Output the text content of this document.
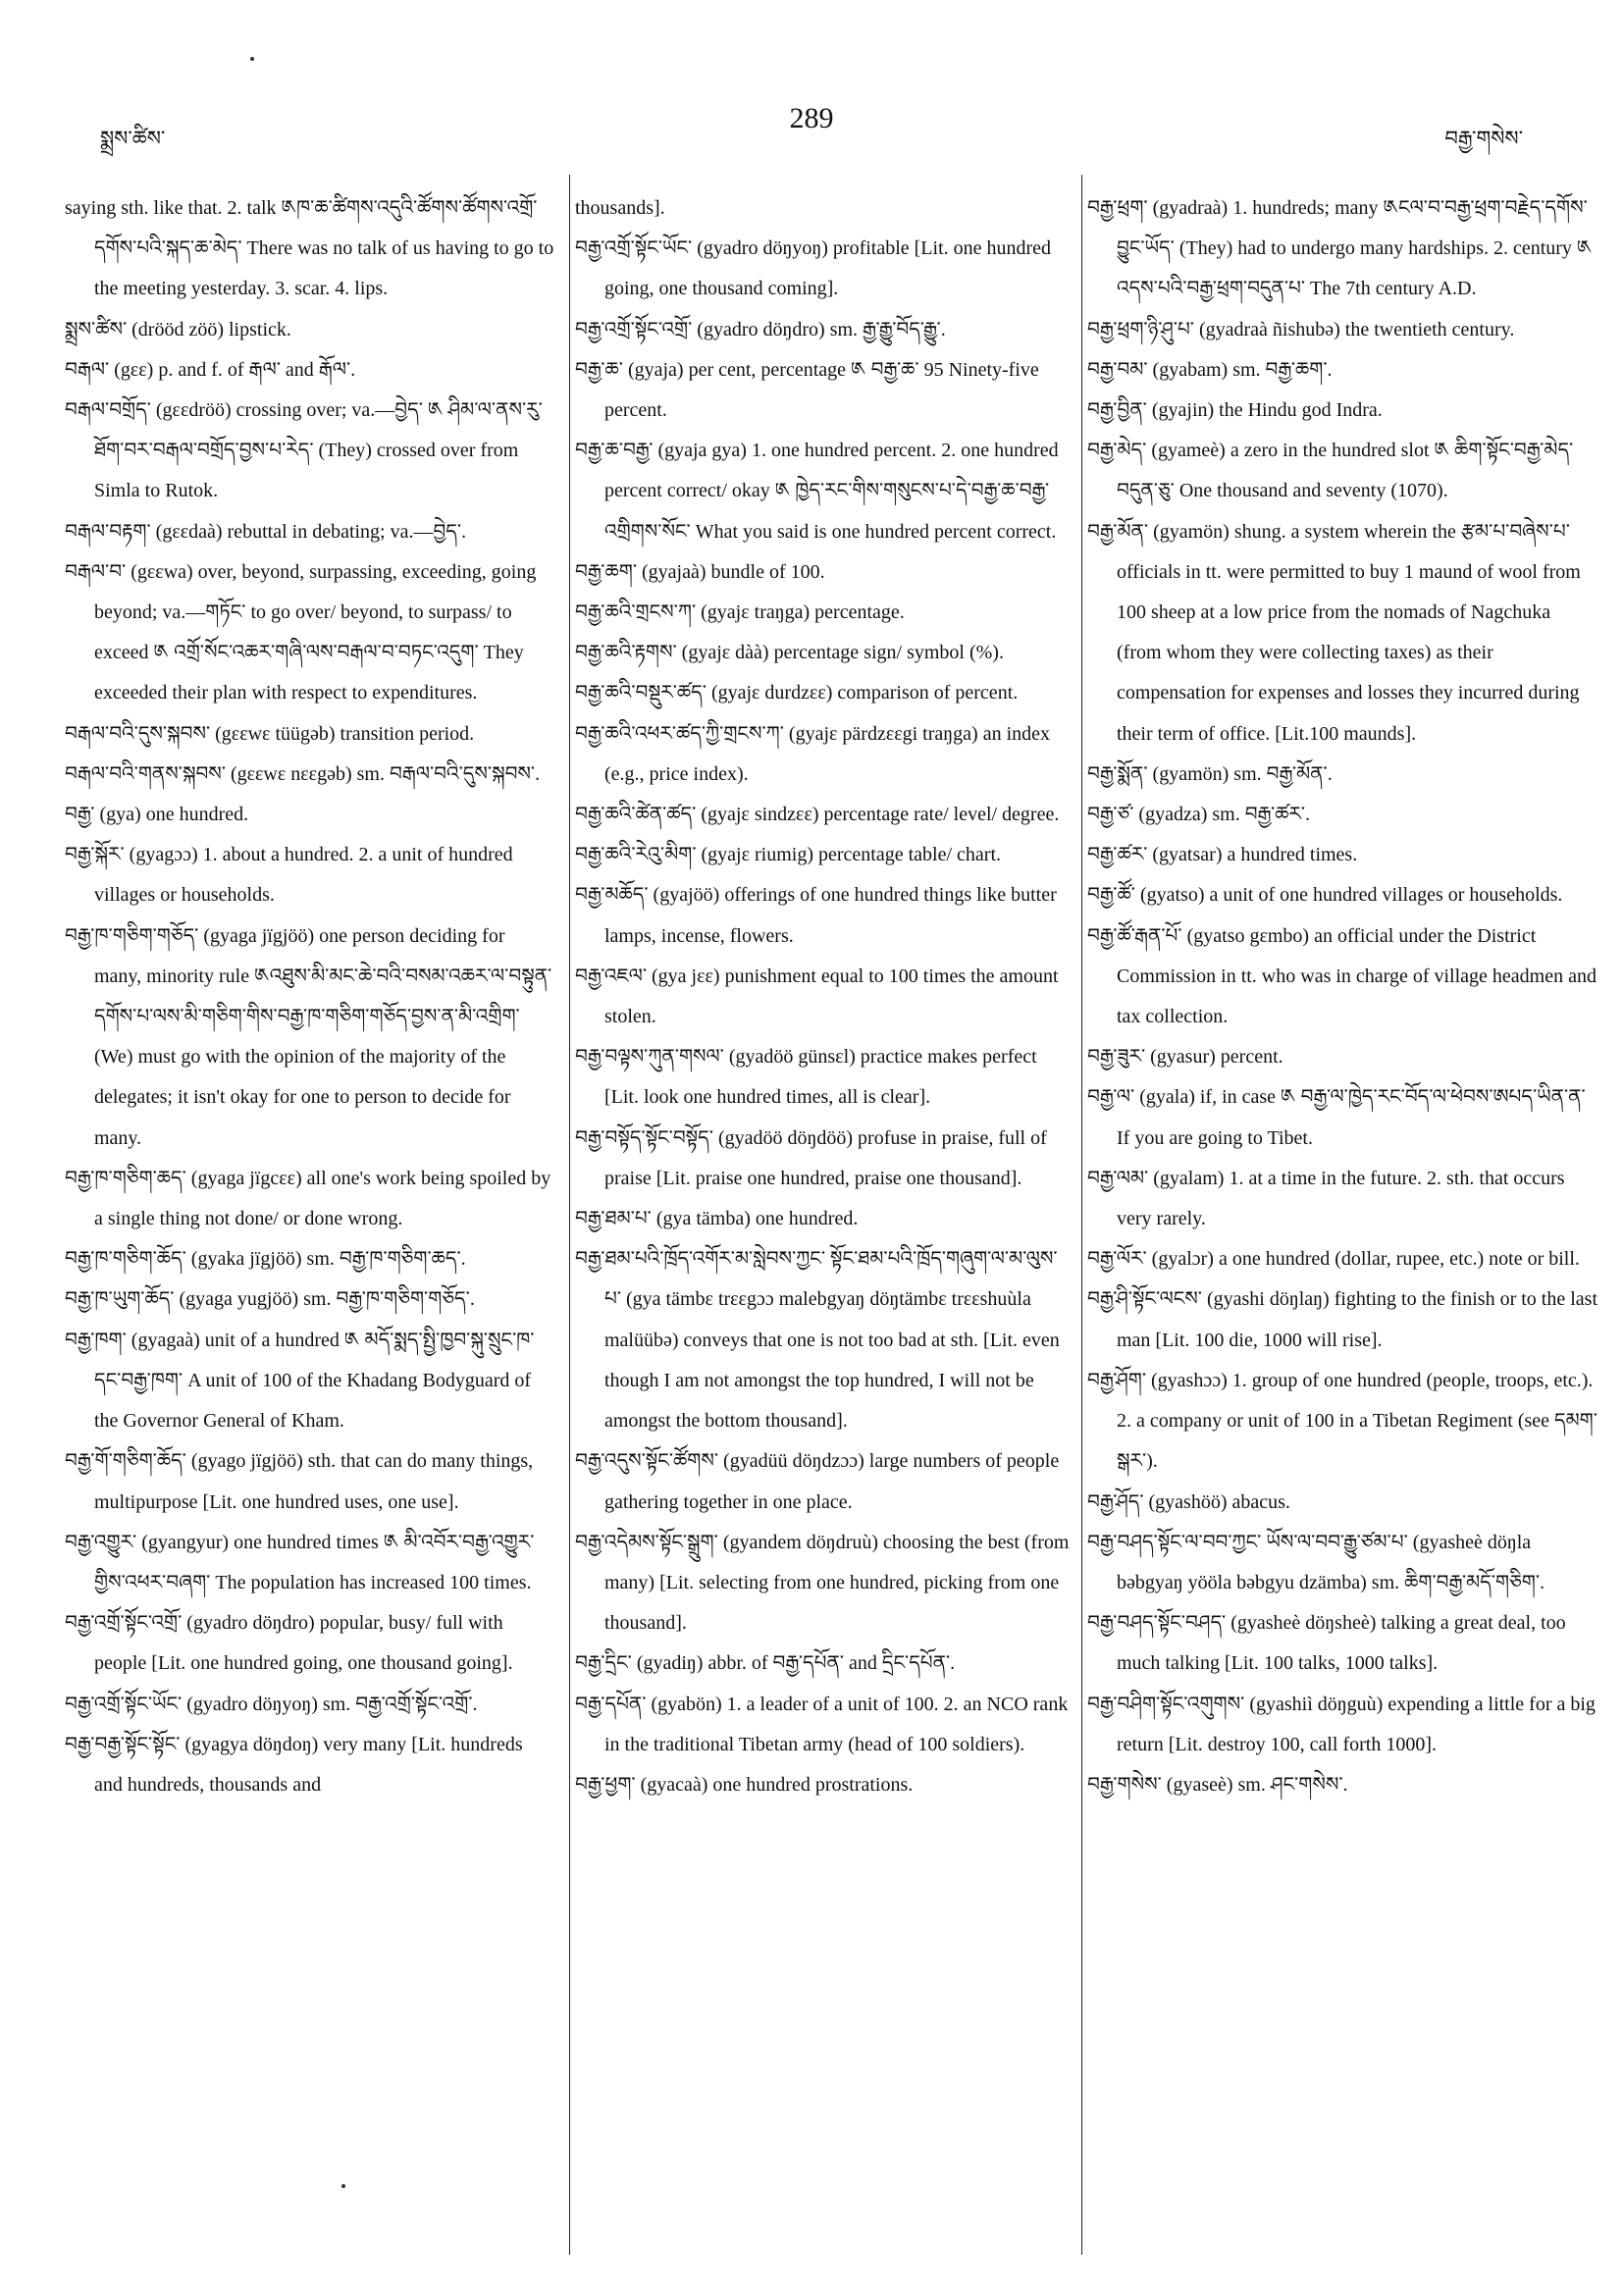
སྨྲས་ཚིས་
289
བརྒྱ་གསེས་
saying sth. like that. 2. talk ༁ཁ་ཆ་ཚིགས་འདུའི་ཚོགས་ཚོགས་འགྲོ་དགོས་པའི་སྐད་ཆ་མེད་ There was no talk of us having to go to the meeting yesterday. 3. scar. 4. lips.
སྨྲས་ཚིས་ (drööd zöö) lipstick.
བརྒལ་ (gεε) p. and f. of རྒལ་ and རྒོལ་.
བརྒལ་བགྲོད་ (gεεdröö) crossing over; va.—བྱེད་ ༁ ཤིམ་ལ་ནས་རུ་ཐོག་བར་བརྒལ་བགྲོད་བྱས་པ་རེད་ (They) crossed over from Simla to Rutok.
བརྒལ་བརྟག་ (gεεdaà) rebuttal in debating; va.—བྱེད་.
བརྒལ་བ་ (gεεwa) over, beyond, surpassing, exceeding, going beyond; va.—གཏོང་ to go over/ beyond, to surpass/ to exceed ༁ འགྲོ་སོང་འཆར་གཞི་ལས་བརྒལ་བ་བཏང་འདུག་ They exceeded their plan with respect to expenditures.
བརྒལ་བའི་དུས་སྐབས་ (gεεwε tüügəb) transition period.
བརྒལ་བའི་གནས་སྐབས་ (gεεwε nεεgəb) sm. བརྒལ་བའི་དུས་སྐབས་.
བརྒྱ་ (gya) one hundred.
བརྒྱ་སྐོར་ (gyagɔɔ) 1. about a hundred. 2. a unit of hundred villages or households.
བརྒྱ་ཁ་གཅིག་གཅོད་ (gyaga jïgjöö) one person deciding for many, minority rule ༁འཐུས་མི་མང་ཆེ་བའི་བསམ་འཆར་ལ་བསྟུན་དགོས་པ་ལས་མི་གཅིག་གིས་བརྒྱ་ཁ་གཅིག་གཅོད་བྱས་ན་མི་འགྲིག་ (We) must go with the opinion of the majority of the delegates; it isn't okay for one to person to decide for many.
བརྒྱ་ཁ་གཅིག་ཆད་ (gyaga jïgcεε) all one's work being spoiled by a single thing not done/ or done wrong.
བརྒྱ་ཁ་གཅིག་ཆོད་ (gyaka jïgjöö) sm. བརྒྱ་ཁ་གཅིག་ཆད་.
བརྒྱ་ཁ་ཡུག་ཆོད་ (gyaga yugjöö) sm. བརྒྱ་ཁ་གཅིག་གཅོད་.
བརྒྱ་ཁག་ (gyagaà) unit of a hundred ༁ མདོ་སྨད་སྤྱི་ཁྱབ་སྐུ་སྲུང་ཁ་དང་བརྒྱ་ཁག་ A unit of 100 of the Khadang Bodyguard of the Governor General of Kham.
བརྒྱ་གོ་གཅིག་ཆོད་ (gyago jïgjöö) sth. that can do many things, multipurpose [Lit. one hundred uses, one use].
བརྒྱ་འགྱུར་ (gyangyur) one hundred times ༁ མི་འབོར་བརྒྱ་འགྱུར་གྱིས་འཕར་བཞག་ The population has increased 100 times.
བརྒྱ་འགྲོ་སྟོང་འགྲོ་ (gyadro döŋdro) popular, busy/ full with people [Lit. one hundred going, one thousand going].
བརྒྱ་འགྲོ་སྟོང་ཡོང་ (gyadro döŋyoŋ) sm. བརྒྱ་འགྲོ་སྟོང་འགྲོ་.
བརྒྱ་བརྒྱ་སྟོང་སྟོང་ (gyagya döŋdoŋ) very many [Lit. hundreds and hundreds, thousands and
thousands].
བརྒྱ་འགྲོ་སྟོང་ཡོང་ (gyadro döŋyoŋ) profitable [Lit. one hundred going, one thousand coming].
བརྒྱ་འགྲོ་སྟོང་འགྲོ་ (gyadro döŋdro) sm. རྒྱ་རྒྱུ་བོད་རྒྱུ་.
བརྒྱ་ཆ་ (gyaja) per cent, percentage ༁ བརྒྱ་ཆ་ 95 Ninety-five percent.
བརྒྱ་ཆ་བརྒྱ་ (gyaja gya) 1. one hundred percent. 2. one hundred percent correct/ okay ༁ ཁྱེད་རང་གིས་གསུངས་པ་དེ་བརྒྱ་ཆ་བརྒྱ་འགྲིགས་སོང་ What you said is one hundred percent correct.
བརྒྱ་ཆག་ (gyajaà) bundle of 100.
བརྒྱ་ཆའི་གྲངས་ཀ་ (gyajε traŋga) percentage.
བརྒྱ་ཆའི་རྟགས་ (gyajε dàà) percentage sign/ symbol (%).
བརྒྱ་ཆའི་བསྡུར་ཚད་ (gyajε durdzεε) comparison of percent.
བརྒྱ་ཆའི་འཕར་ཚད་ཀྱི་གྲངས་ཀ་ (gyajε pärdzεεgi traŋga) an index (e.g., price index).
བརྒྱ་ཆའི་ཚེན་ཚད་ (gyajε sindzεε) percentage rate/ level/ degree.
བརྒྱ་ཆའི་རེའུ་མིག་ (gyajε riumig) percentage table/ chart.
བརྒྱ་མཆོད་ (gyajöö) offerings of one hundred things like butter lamps, incense, flowers.
བརྒྱ་འཇལ་ (gya jεε) punishment equal to 100 times the amount stolen.
བརྒྱ་བལྟས་ཀུན་གསལ་ (gyadöö günsεl) practice makes perfect [Lit. look one hundred times, all is clear].
བརྒྱ་བསྟོད་སྟོང་བསྟོད་ (gyadöö döŋdöö) profuse in praise, full of praise [Lit. praise one hundred, praise one thousand].
བརྒྱ་ཐམ་པ་ (gya tämba) one hundred.
བརྒྱ་ཐམ་པའི་ཁྲོད་འགོར་མ་སླེབས་ཀྱང་ སྟོང་ཐམ་པའི་ཁྲོད་གཞུག་ལ་མ་ལུས་པ་ (gya tämbε trεεgɔɔ malebgyaŋ döŋtämbε trεεshuùla malüübə) conveys that one is not too bad at sth. [Lit. even though I am not amongst the top hundred, I will not be amongst the bottom thousand].
བརྒྱ་འདུས་སྟོང་ཚོགས་ (gyadüü döŋdzɔɔ) large numbers of people gathering together in one place.
བརྒྱ་འདེམས་སྟོང་སྒྲུག་ (gyandem döŋdruù) choosing the best (from many) [Lit. selecting from one hundred, picking from one thousand].
བརྒྱ་དྲིང་ (gyadiŋ) abbr. of བརྒྱ་དཔོན་ and དྲིང་དཔོན་.
བརྒྱ་དཔོན་ (gyabön) 1. a leader of a unit of 100. 2. an NCO rank in the traditional Tibetan army (head of 100 soldiers).
བརྒྱ་ཕྱག་ (gyacaà) one hundred prostrations.
བརྒྱ་ཕྲག་ (gyadraà) 1. hundreds; many ༁ངལ་བ་བརྒྱ་ཕྲག་བརྗེད་དགོས་བྱུང་ཡོད་ (They) had to undergo many hardships. 2. century ༁ འདས་པའི་བརྒྱ་ཕྲག་བདུན་པ་ The 7th century A.D.
བརྒྱ་ཕྲག་ཉི་ཤུ་པ་ (gyadraà ñishubə) the twentieth century.
བརྒྱ་བམ་ (gyabam) sm. བརྒྱ་ཆག་.
བརྒྱ་བྱིན་ (gyajin) the Hindu god Indra.
བརྒྱ་མེད་ (gyameè) a zero in the hundred slot ༁ ཆིག་སྟོང་བརྒྱ་མེད་བདུན་ཅུ་ One thousand and seventy (1070).
བརྒྱ་མོན་ (gyamön) shung. a system wherein the རྩམ་པ་བཞེས་པ་ officials in tt. were permitted to buy 1 maund of wool from 100 sheep at a low price from the nomads of Nagchuka (from whom they were collecting taxes) as their compensation for expenses and losses they incurred during their term of office. [Lit.100 maunds].
བརྒྱ་སྨོན་ (gyamön) sm. བརྒྱ་མོན་.
བརྒྱ་ཙ་ (gyadza) sm. བརྒྱ་ཚར་.
བརྒྱ་ཚར་ (gyatsar) a hundred times.
བརྒྱ་ཚོ་ (gyatso) a unit of one hundred villages or households.
བརྒྱ་ཚོ་རྒན་པོ་ (gyatso gεmbo) an official under the District Commission in tt. who was in charge of village headmen and tax collection.
བརྒྱ་ཟུར་ (gyasur) percent.
བརྒྱ་ལ་ (gyala) if, in case ༁ བརྒྱ་ལ་ཁྱེད་རང་བོད་ལ་ཕེབས་ཨཔད་ཡིན་ན་ If you are going to Tibet.
བརྒྱ་ལམ་ (gyalam) 1. at a time in the future. 2. sth. that occurs very rarely.
བརྒྱ་ལོར་ (gyalɔr) a one hundred (dollar, rupee, etc.) note or bill.
བརྒྱ་ཤི་སྟོང་ལངས་ (gyashi döŋlaŋ) fighting to the finish or to the last man [Lit. 100 die, 1000 will rise].
བརྒྱ་ཤོག་ (gyashɔɔ) 1. group of one hundred (people, troops, etc.). 2. a company or unit of 100 in a Tibetan Regiment (see དམག་སྒར་).
བརྒྱ་ཤོད་ (gyashöö) abacus.
བརྒྱ་བཤད་སྟོང་ལ་བབ་ཀྱང་ ཡོས་ལ་བབ་རྒྱུ་ཙམ་པ་ (gyasheè döŋla bəbgyaŋ yööla bəbgyu dzämba) sm. ཆིག་བརྒྱ་མདོ་གཅིག་.
བརྒྱ་བཤད་སྟོང་བཤད་ (gyasheè döŋsheè) talking a great deal, too much talking [Lit. 100 talks, 1000 talks].
བརྒྱ་བཤིག་སྟོང་འགུགས་ (gyashiì döŋguù) expending a little for a big return [Lit. destroy 100, call forth 1000].
བརྒྱ་གསེས་ (gyaseè) sm. ཤང་གསེས་.
